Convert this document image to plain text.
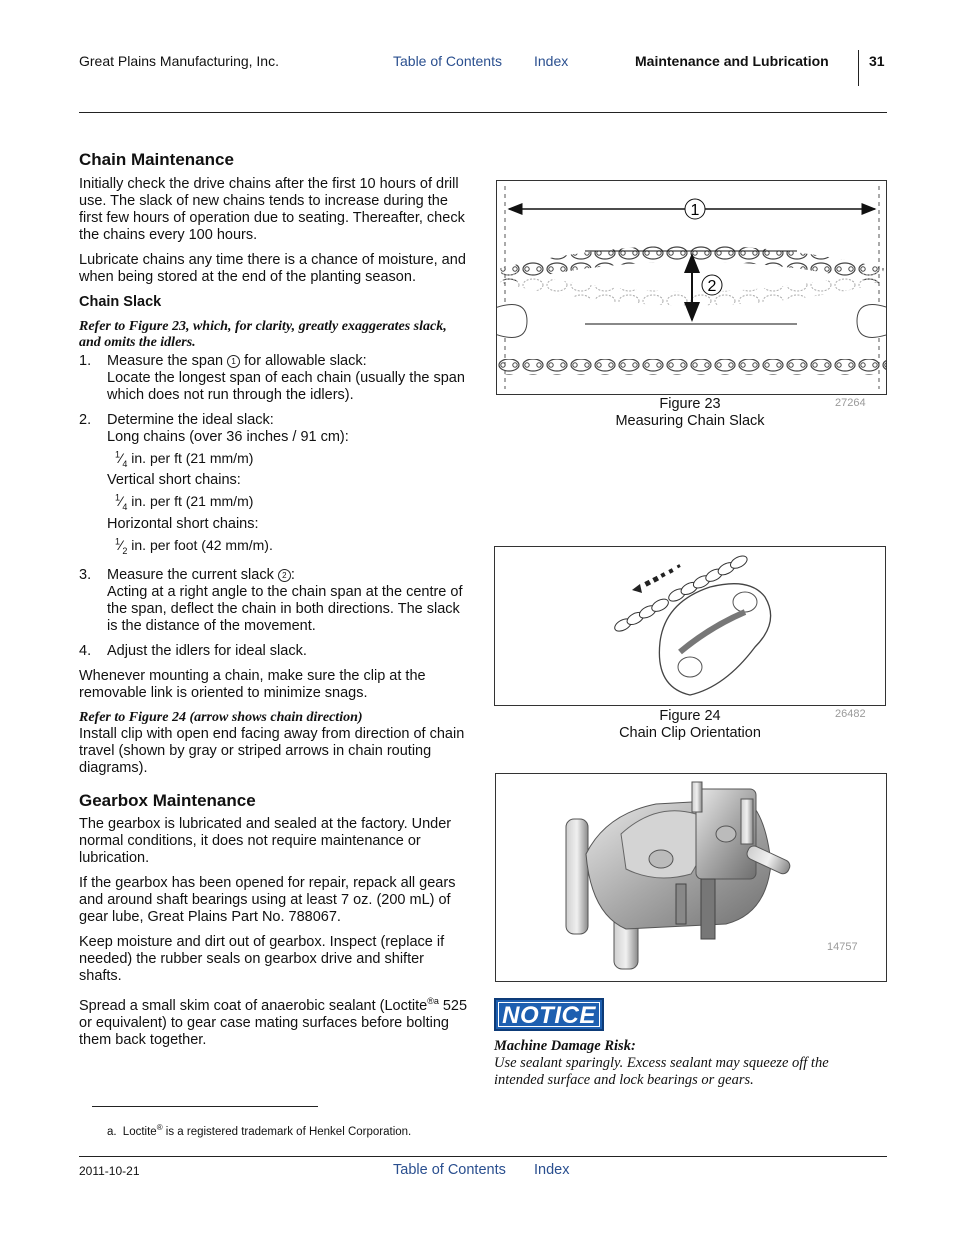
Great Plains Manufacturing, Inc.	Table of Contents Index	Maintenance and Lubrication	31
Chain Maintenance
Initially check the drive chains after the first 10 hours of drill use. The slack of new chains tends to increase during the first few hours of operation due to seating. Thereafter, check the chains every 100 hours.
Lubricate chains any time there is a chance of moisture, and when being stored at the end of the planting season.
Chain Slack
Refer to Figure 23, which, for clarity, greatly exaggerates slack, and omits the idlers.
1. Measure the span 1 for allowable slack:
Locate the longest span of each chain (usually the span which does not run through the idlers).
2. Determine the ideal slack:
Long chains (over 36 inches / 91 cm):
$^1⁄_4$ in. per ft (21 mm/m)
Vertical short chains:
$^1⁄_4$ in. per ft (21 mm/m)
Horizontal short chains:
$^1⁄_2$ in. per foot (42 mm/m).
3. Measure the current slack 2 :
Acting at a right angle to the chain span at the centre of the span, deflect the chain in both directions. The slack is the distance of the movement.
4. Adjust the idlers for ideal slack.
Whenever mounting a chain, make sure the clip at the removable link is oriented to minimize snags.
Refer to Figure 24 (arrow shows chain direction)
Install clip with open end facing away from direction of chain travel (shown by gray or striped arrows in chain routing diagrams).
Gearbox Maintenance
The gearbox is lubricated and sealed at the factory. Under normal conditions, it does not require maintenance or lubrication.
If the gearbox has been opened for repair, repack all gears and around shaft bearings using at least 7 oz. (200 mL) of gear lube, Great Plains Part No. 788067.
Keep moisture and dirt out of gearbox. Inspect (replace if needed) the rubber seals on gearbox drive and shifter shafts.
Spread a small skim coat of anaerobic sealant (Loctite$^{®a}$ 525 or equivalent) to gear case mating surfaces before bolting them back together.
1
2
27264
Figure 23
Measuring Chain Slack
26482
Figure 24
Chain Clip Orientation
14757
NOTICE
Machine Damage Risk:
Use sealant sparingly. Excess sealant may squeeze off the intended surface and lock bearings or gears.
a. Loctite® is a registered trademark of Henkel Corporation.
2011-10-21	Table of Contents Index
